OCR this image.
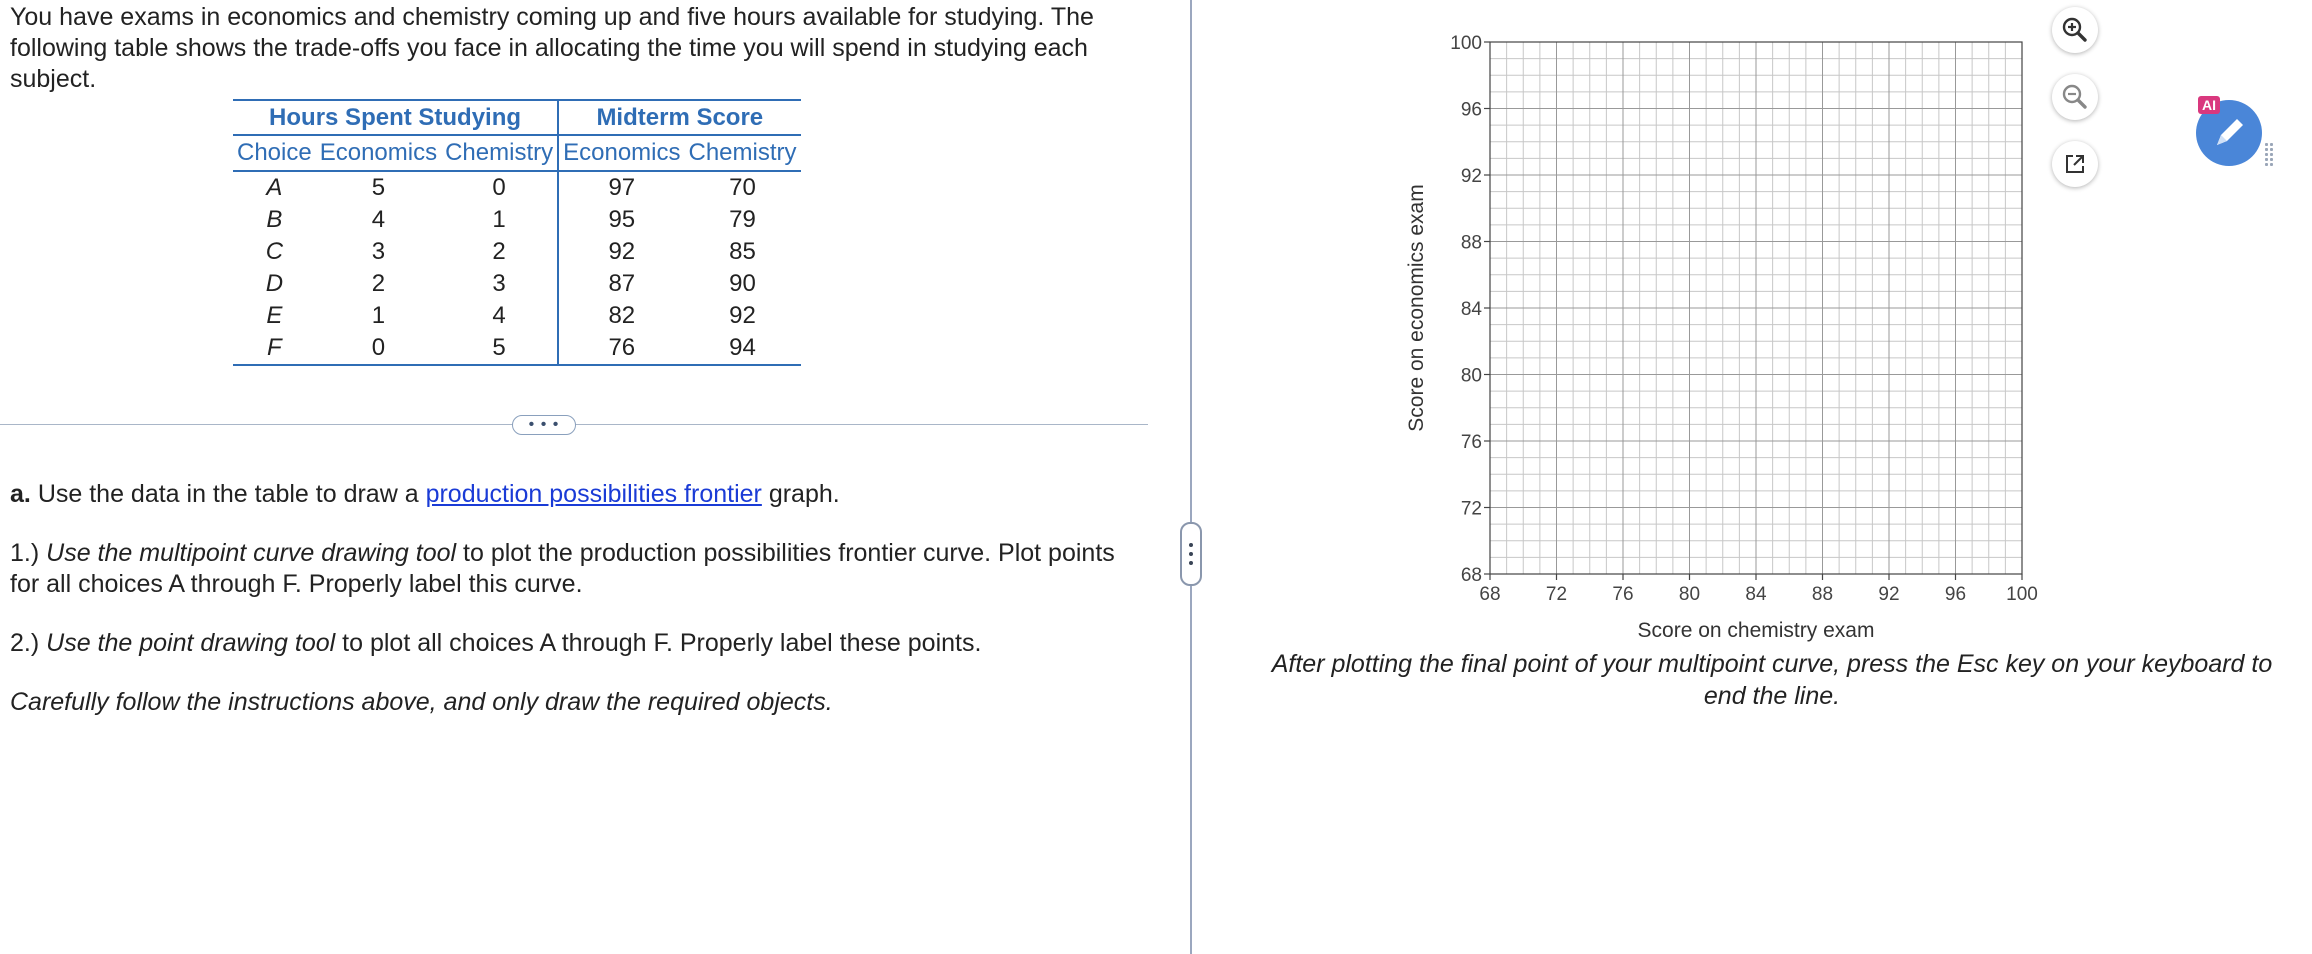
You have exams in economics and chemistry coming up and five hours available for studying. The following table shows the trade-offs you face in allocating the time you will spend in studying each subject.

Hours Spent Studying			Midterm Score	
Choice	Economics	Chemistry	Economics	Chemistry
A	5	0	97	70
B	4	1	95	79
C	3	2	92	85
D	2	3	87	90
E	1	4	82	92
F	0	5	76	94
• • •

a. Use the data in the table to draw a production possibilities frontier graph.

1.) Use the multipoint curve drawing tool to plot the production possibilities frontier curve. Plot points for all choices A through F. Properly label this curve.

2.) Use the point drawing tool to plot all choices A through F. Properly label these points.

Carefully follow the instructions above, and only draw the required objects.

68 72 76 80 84 88 92 96 100
68
72
76
80
84
88
92
96
100
Score on chemistry exam
Score on economics exam
After plotting the final point of your multipoint curve, press the Esc key on your keyboard to end the line.
AI
